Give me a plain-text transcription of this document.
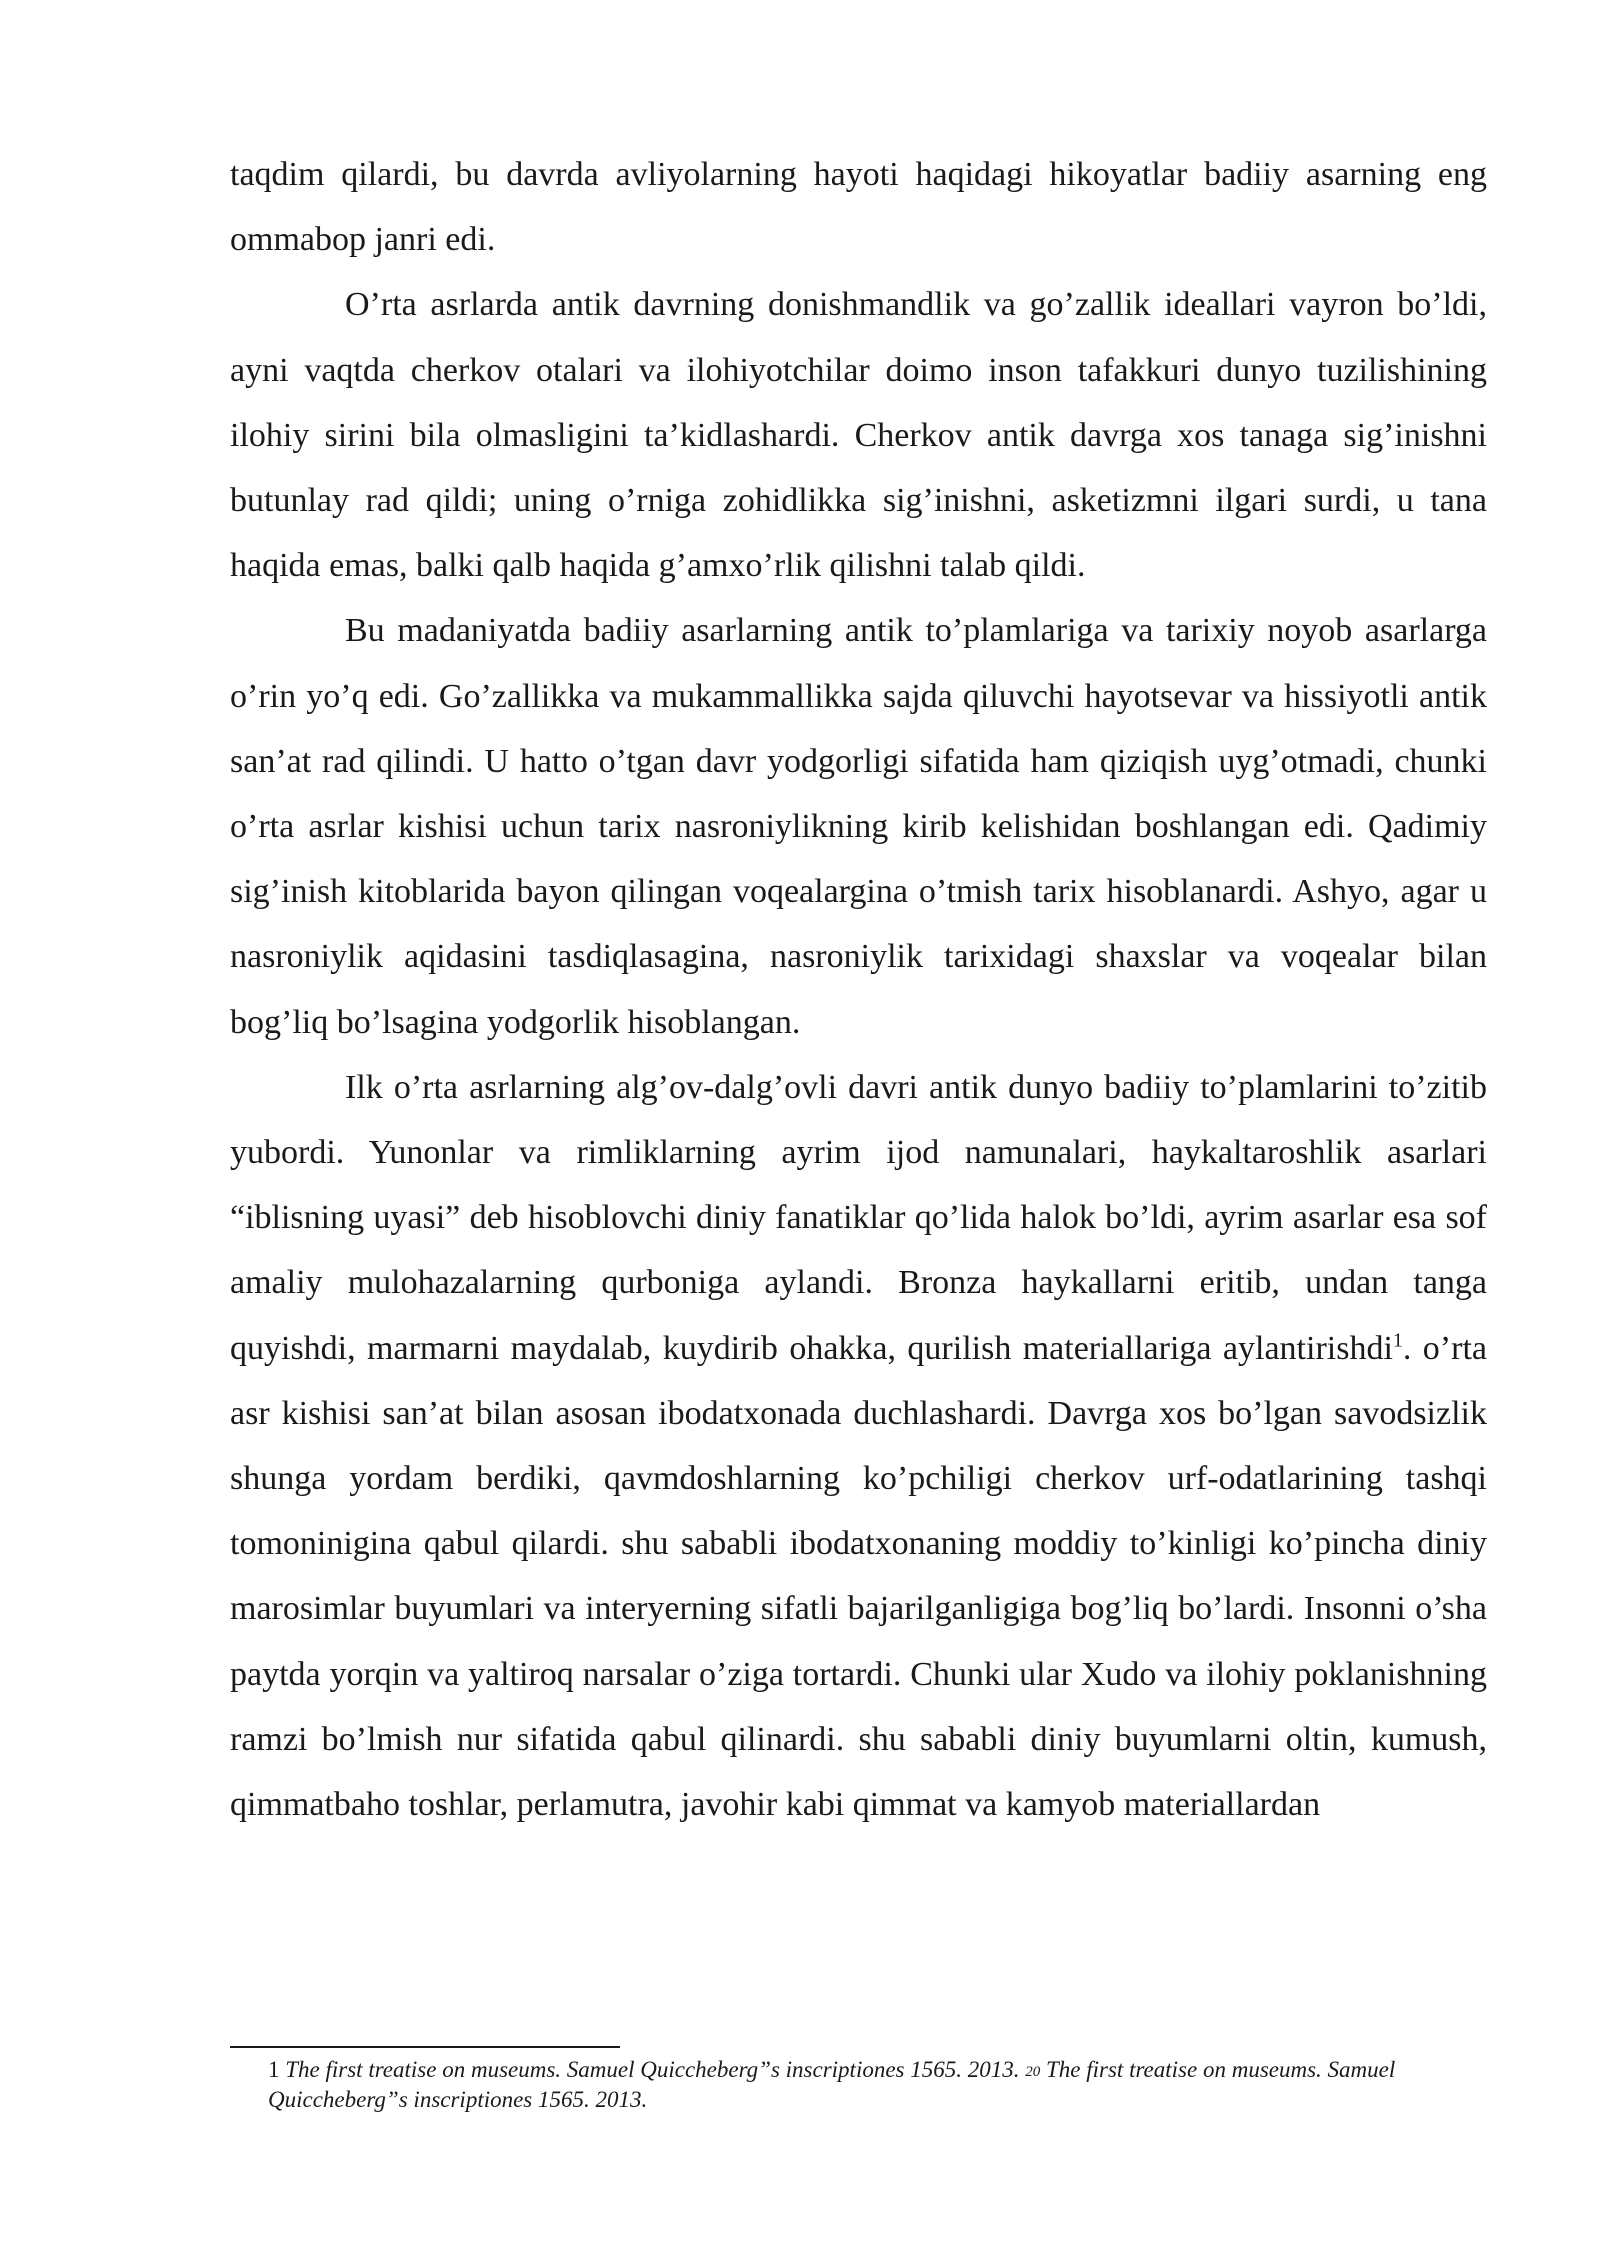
taqdim qilardi, bu davrda avliyolarning hayoti haqidagi hikoyatlar badiiy asarning eng ommabop janri edi.

O’rta asrlarda antik davrning donishmandlik va go’zallik ideallari vayron bo’ldi, ayni vaqtda cherkov otalari va ilohiyotchilar doimo inson tafakkuri dunyo tuzilishining ilohiy sirini bila olmasligini ta’kidlashardi. Cherkov antik davrga xos tanaga sig’inishni butunlay rad qildi; uning o’rniga zohidlikka sig’inishni, asketizmni ilgari surdi, u tana haqida emas, balki qalb haqida g’amxo’rlik qilishni talab qildi.

Bu madaniyatda badiiy asarlarning antik to’plamlariga va tarixiy noyob asarlarga o’rin yo’q edi. Go’zallikka va mukammallikka sajda qiluvchi hayotsevar va hissiyotli antik san’at rad qilindi. U hatto o’tgan davr yodgorligi sifatida ham qiziqish uyg’otmadi, chunki o’rta asrlar kishisi uchun tarix nasroniylikning kirib kelishidan boshlangan edi. Qadimiy sig’inish kitoblarida bayon qilingan voqealargina o’tmish tarix hisoblanardi. Ashyo, agar u nasroniylik aqidasini tasdiqlasagina, nasroniylik tarixidagi shaxslar va voqealar bilan bog’liq bo’lsagina yodgorlik hisoblangan.

Ilk o’rta asrlarning alg’ov-dalg’ovli davri antik dunyo badiiy to’plamlarini to’zitib yubordi. Yunonlar va rimliklarning ayrim ijod namunalari, haykaltaroshlik asarlari “iblisning uyasi” deb hisoblovchi diniy fanatiklar qo’lida halok bo’ldi, ayrim asarlar esa sof amaliy mulohazalarning qurboniga aylandi. Bronza haykallarni eritib, undan tanga quyishdi, marmarni maydalab, kuydirib ohakka, qurilish materiallariga aylantirishdi$^1$. o’rta asr kishisi san’at bilan asosan ibodatxonada duchlashardi. Davrga xos bo’lgan savodsizlik shunga yordam berdiki, qavmdoshlarning ko’pchiligi cherkov urf-odatlarining tashqi tomoninigina qabul qilardi. shu sababli ibodatxonaning moddiy to’kinligi ko’pincha diniy marosimlar buyumlari va interyerning sifatli bajarilganligiga bog’liq bo’lardi. Insonni o’sha paytda yorqin va yaltiroq narsalar o’ziga tortardi. Chunki ular Xudo va ilohiy poklanishning ramzi bo’lmish nur sifatida qabul qilinardi. shu sababli diniy buyumlarni oltin, kumush, qimmatbaho toshlar, perlamutra, javohir kabi qimmat va kamyob materiallardan

1 The first treatise on museums. Samuel Quiccheberg”s inscriptiones 1565. 2013. 20 The first treatise on museums. Samuel Quiccheberg”s inscriptiones 1565. 2013.
